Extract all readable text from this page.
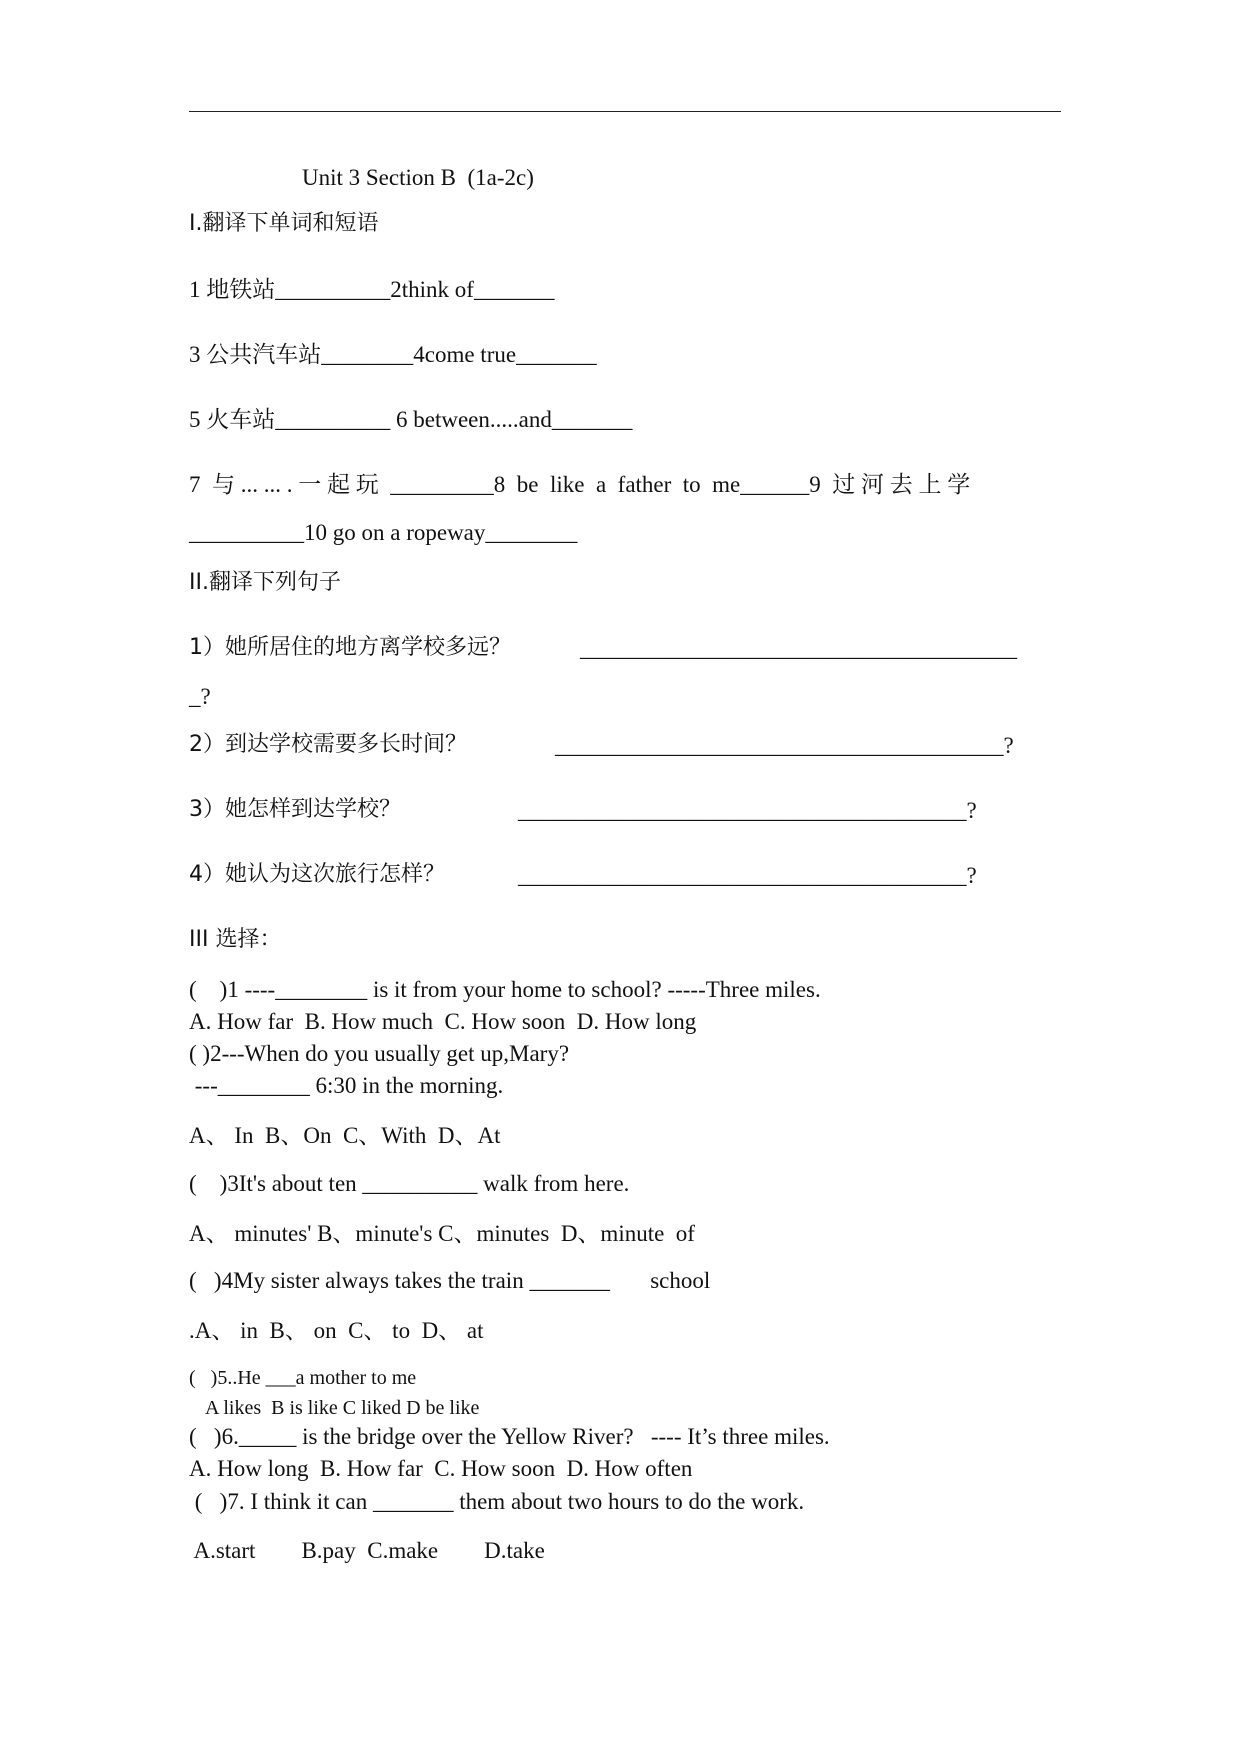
Unit 3 Section B  (1a-2c)
I.翻译下单词和短语
1 地铁站__________2think of_______
3 公共汽车站________4come true_______
5 火车站__________ 6 between.....and_______
7  与 ... ... . 一 起 玩  _________8  be  like  a  father  to  me______9  过 河 去 上 学
__________10 go on a ropeway________
II.翻译下列句子
1）她所居住的地方离学校多远？	______________________________________
_?
2）到达学校需要多长时间？	_______________________________________?
3）她怎样到达学校？	_______________________________________?
4）她认为这次旅行怎样？	_______________________________________?
III 选择：
(    )1 ----________ is it from your home to school? -----Three miles.
A. How far  B. How much  C. How soon  D. How long
( )2---When do you usually get up,Mary?
---________ 6:30 in the morning.
A、 In  B、On  C、With  D、At
(    )3It's about ten __________ walk from here.
A、 minutes' B、minute's C、minutes  D、minute  of
(   )4My sister always takes the train _______       school
.A、 in  B、 on  C、 to  D、 at
(   )5..He ___a mother to me
A likes  B is like C liked D be like
(   )6._____ is the bridge over the Yellow River?   ---- It’s three miles.
A. How long  B. How far  C. How soon  D. How often
(   )7. I think it can _______ them about two hours to do the work.
A.start        B.pay  C.make        D.take
